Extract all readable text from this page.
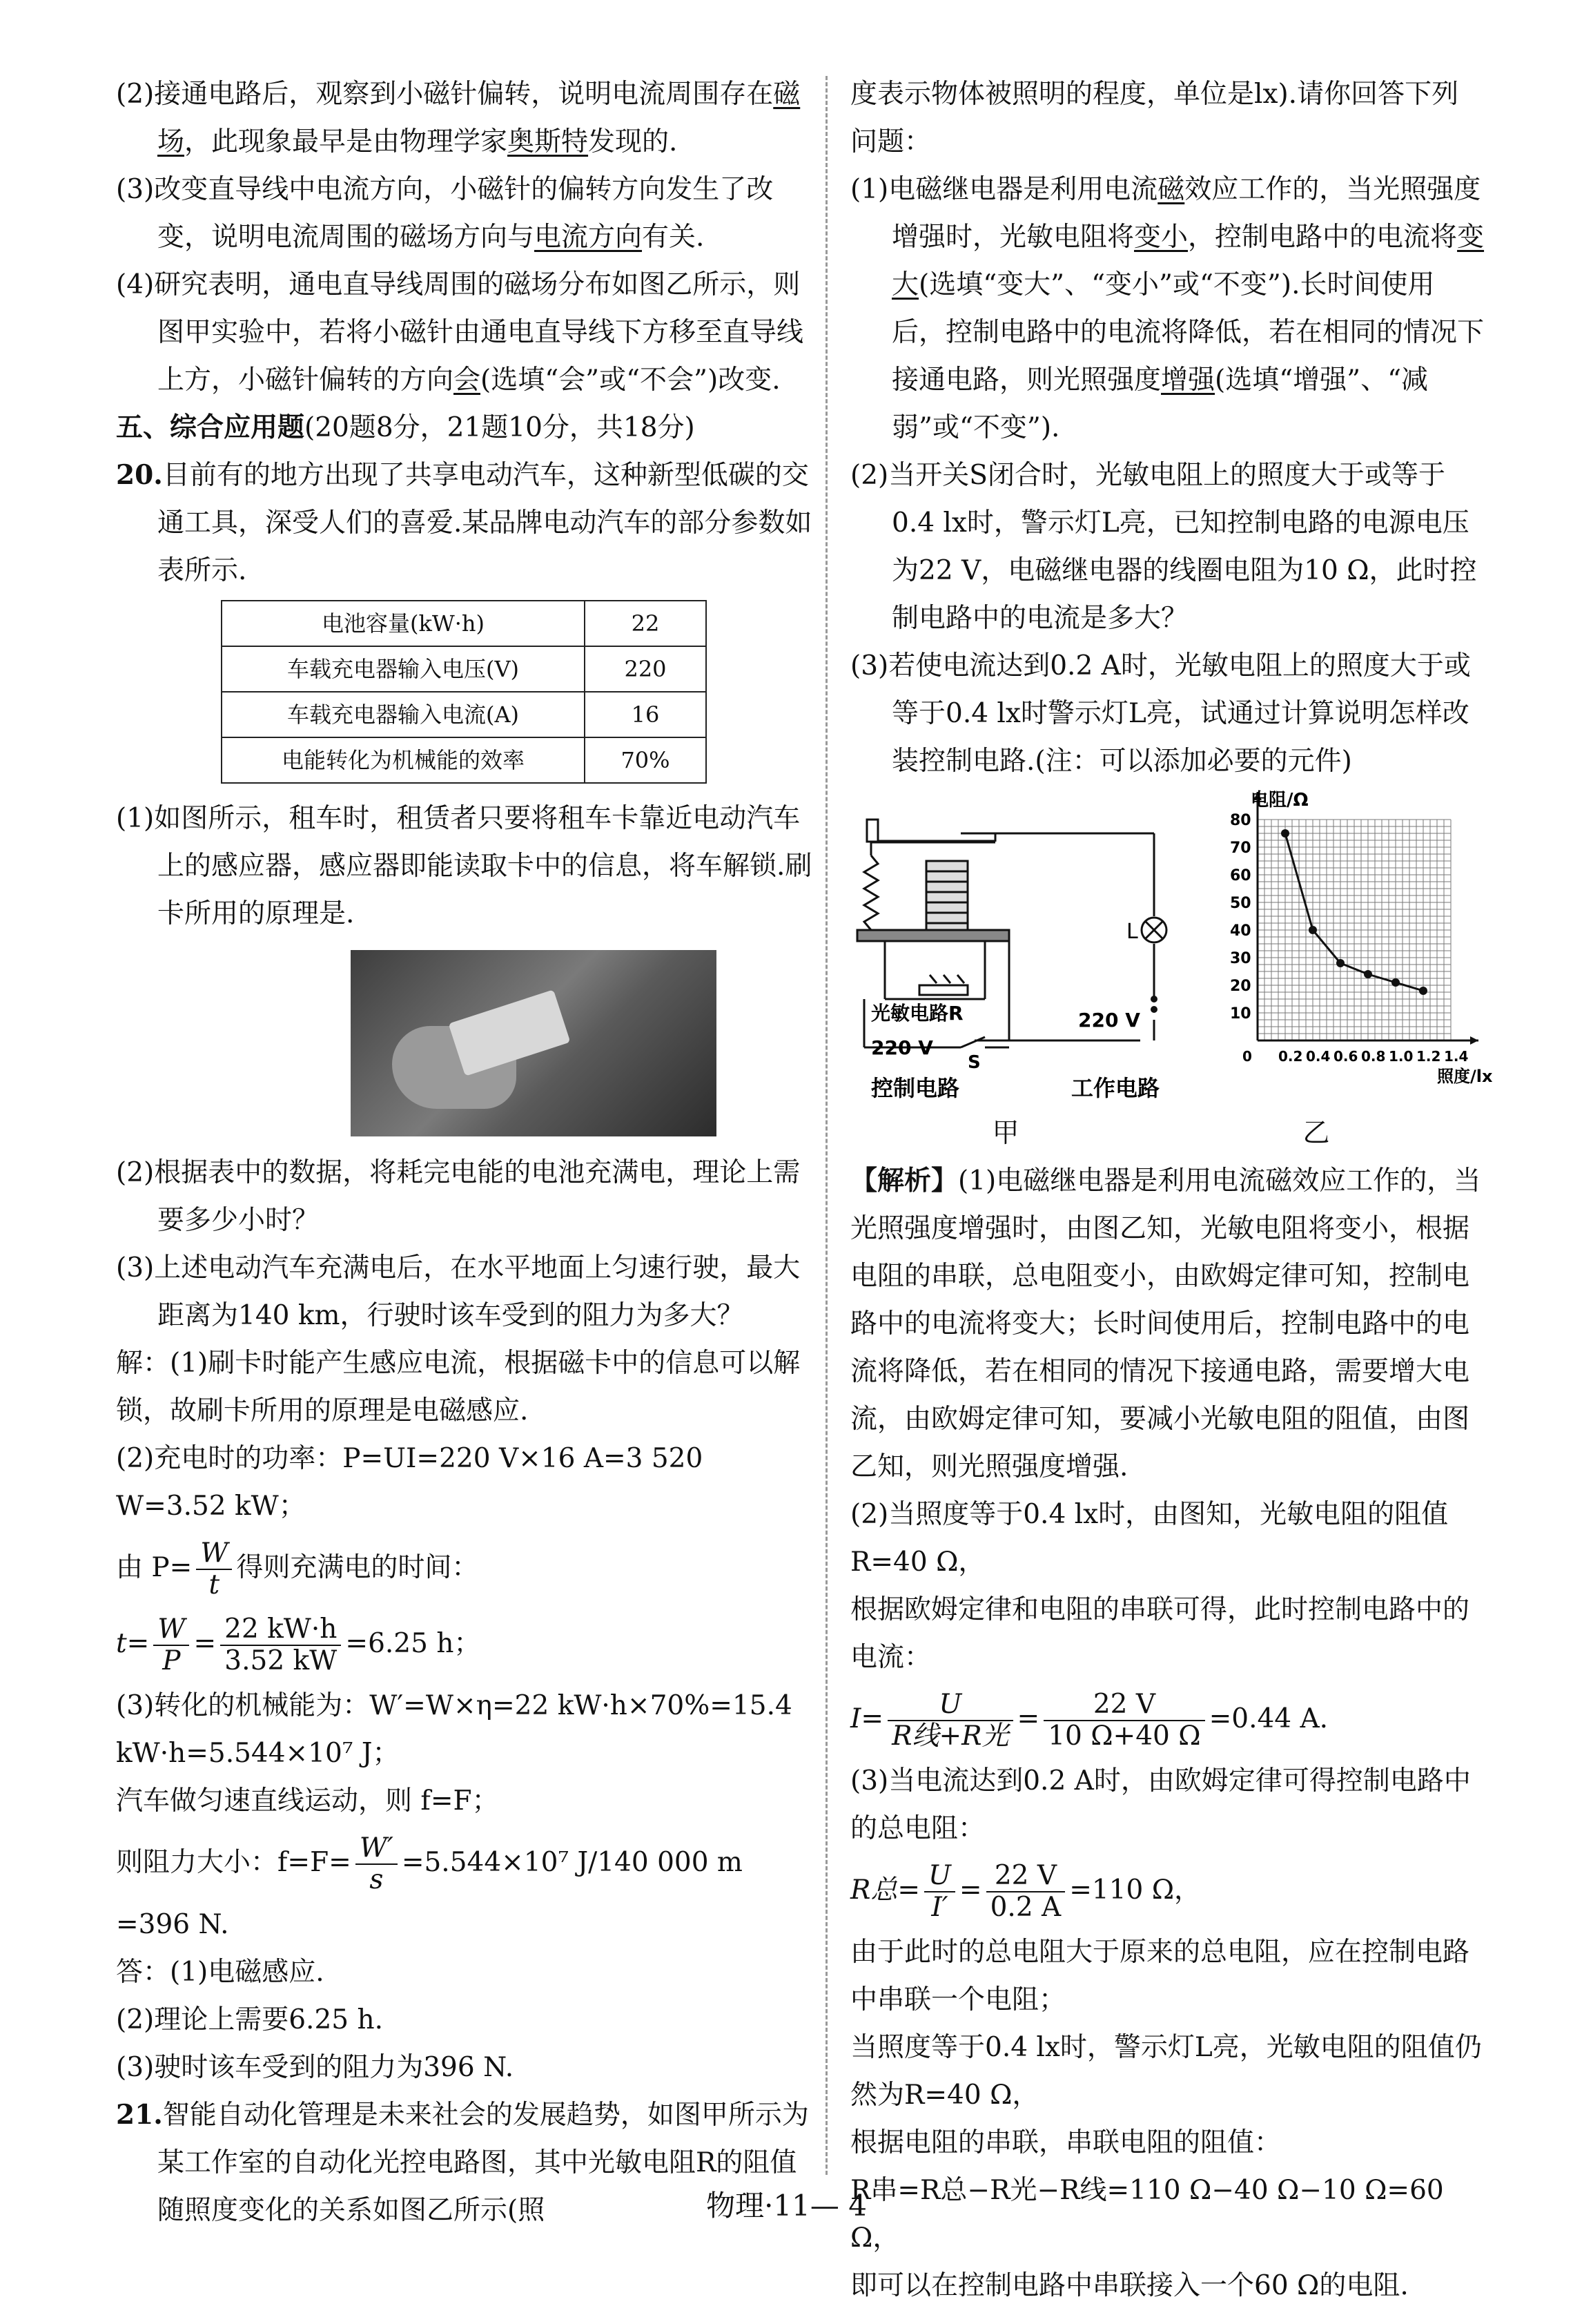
(2)接通电路后，观察到小磁针偏转，说明电流周围存在磁场，此现象最早是由物理学家奥斯特发现的.

(3)改变直导线中电流方向，小磁针的偏转方向发生了改变，说明电流周围的磁场方向与电流方向有关.

(4)研究表明，通电直导线周围的磁场分布如图乙所示，则图甲实验中，若将小磁针由通电直导线下方移至直导线上方，小磁针偏转的方向会(选填“会”或“不会”)改变.

五、综合应用题(20题8分，21题10分，共18分)

20.目前有的地方出现了共享电动汽车，这种新型低碳的交通工具，深受人们的喜爱.某品牌电动汽车的部分参数如表所示.

电池容量(kW·h)	22
车载充电器输入电压(V)	220
车载充电器输入电流(A)	16
电能转化为机械能的效率	70%

(1)如图所示，租车时，租赁者只要将租车卡靠近电动汽车上的感应器，感应器即能读取卡中的信息，将车解锁.刷卡所用的原理是.

(2)根据表中的数据，将耗完电能的电池充满电，理论上需要多少小时？

(3)上述电动汽车充满电后，在水平地面上匀速行驶，最大距离为140 km，行驶时该车受到的阻力为多大？

解：(1)刷卡时能产生感应电流，根据磁卡中的信息可以解锁，故刷卡所用的原理是电磁感应.

(2)充电时的功率：P=UI=220 V×16 A=3 520 W=3.52 kW；

由 $P= \frac{W}{t}$ 得则充满电的时间：

$t= \frac{W}{P} = \frac{22 kW\cdot h}{3.52 kW} =6.25$ h；

(3)转化的机械能为：W′=W×η=22 kW·h×70%=15.4 kW·h=5.544×10⁷ J；

汽车做匀速直线运动，则 f=F；

则阻力大小：$f=F= \frac{W'}{s} =5.544\times 10^7$ J/140 000 m

=396 N.

答：(1)电磁感应.

(2)理论上需要6.25 h.

(3)驶时该车受到的阻力为396 N.

21.智能自动化管理是未来社会的发展趋势，如图甲所示为某工作室的自动化光控电路图，其中光敏电阻R的阻值随照度变化的关系如图乙所示(照

度表示物体被照明的程度，单位是lx).请你回答下列问题：

(1)电磁继电器是利用电流磁效应工作的，当光照强度增强时，光敏电阻将变小，控制电路中的电流将变大(选填“变大”、“变小”或“不变”).长时间使用后，控制电路中的电流将降低，若在相同的情况下接通电路，则光照强度增强(选填“增强”、“减弱”或“不变”).

(2)当开关S闭合时，光敏电阻上的照度大于或等于0.4 lx时，警示灯L亮，已知控制电路的电源电压为22 V，电磁继电器的线圈电阻为10 Ω，此时控制电路中的电流是多大？

(3)若使电流达到0.2 A时，光敏电阻上的照度大于或等于0.4 lx时警示灯L亮，试通过计算说明怎样改装控制电路.(注：可以添加必要的元件)

L
光敏电路R
220 V
S
220 V
控制电路	工作电路
0 0.2 0.4 0.6 0.8 1.0 1.2 1.4
10
20
30
40
50
60
70
80
电阻/Ω
照度/lx
甲	乙

【解析】(1)电磁继电器是利用电流磁效应工作的，当光照强度增强时，由图乙知，光敏电阻将变小，根据电阻的串联，总电阻变小，由欧姆定律可知，控制电路中的电流将变大；长时间使用后，控制电路中的电流将降低，若在相同的情况下接通电路，需要增大电流，由欧姆定律可知，要减小光敏电阻的阻值，由图乙知，则光照强度增强.

(2)当照度等于0.4 lx时，由图知，光敏电阻的阻值R=40 Ω，

根据欧姆定律和电阻的串联可得，此时控制电路中的电流：

$I= \frac{U}{\text{R线+R光}} = \frac{22 V}{10 \Omega+40 \Omega} =0.44$ A.

(3)当电流达到0.2 A时，由欧姆定律可得控制电路中的总电阻：

R总= $\frac{U}{I'} = \frac{22 V}{0.2 A} =110$ Ω，

由于此时的总电阻大于原来的总电阻，应在控制电路中串联一个电阻；

当照度等于0.4 lx时，警示灯L亮，光敏电阻的阻值仍然为R=40 Ω，

根据电阻的串联，串联电阻的阻值：

R串=R总−R光−R线=110 Ω−40 Ω−10 Ω=60 Ω，

即可以在控制电路中串联接入一个60 Ω的电阻.

物理·11— 4
